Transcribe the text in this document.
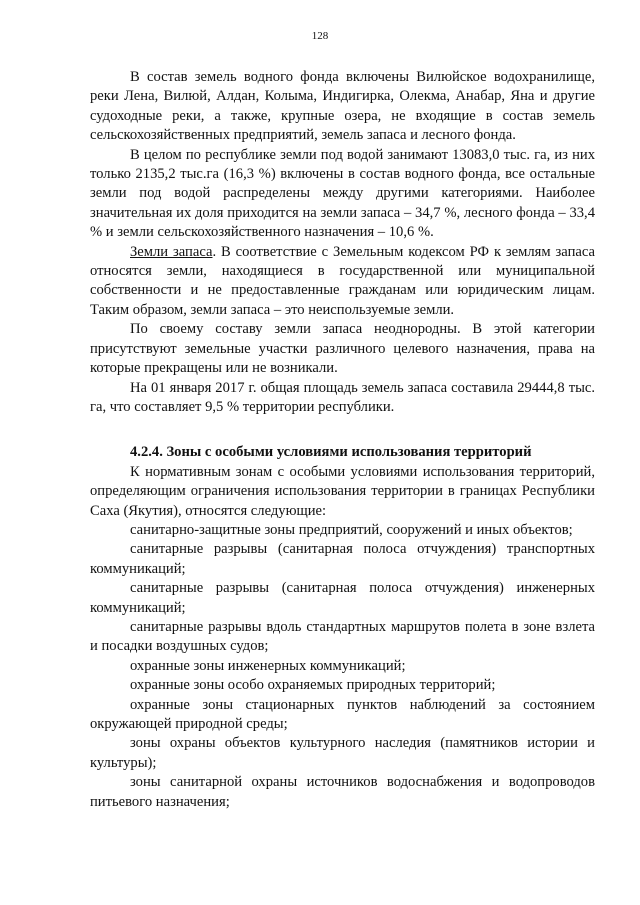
128

В состав земель водного фонда включены Вилюйское водохранилище, реки Лена, Вилюй, Алдан, Колыма, Индигирка, Олекма, Анабар, Яна и другие судоходные реки, а также, крупные озера, не входящие в состав земель сельскохозяйственных предприятий, земель запаса и лесного фонда.

В целом по республике земли под водой занимают 13083,0 тыс. га, из них только 2135,2 тыс.га (16,3 %) включены в состав водного фонда, все остальные земли под водой распределены между другими категориями. Наиболее значительная их доля приходится на земли запаса – 34,7 %, лесного фонда – 33,4 % и земли сельскохозяйственного назначения – 10,6 %.

Земли запаса. В соответствие с Земельным кодексом РФ к землям запаса относятся земли, находящиеся в государственной или муниципальной собственности и не предоставленные гражданам или юридическим лицам. Таким образом, земли запаса – это неиспользуемые земли.

По своему составу земли запаса неоднородны. В этой категории присутствуют земельные участки различного целевого назначения, права на которые прекращены или не возникали.

На 01 января 2017 г. общая площадь земель запаса составила 29444,8 тыс. га, что составляет 9,5 % территории республики.

4.2.4. Зоны с особыми условиями использования территорий

К нормативным зонам с особыми условиями использования территорий, определяющим ограничения использования территории в границах Республики Саха (Якутия), относятся следующие:

санитарно-защитные зоны предприятий, сооружений и иных объектов;

санитарные разрывы (санитарная полоса отчуждения) транспортных коммуникаций;

санитарные разрывы (санитарная полоса отчуждения) инженерных коммуникаций;

санитарные разрывы вдоль стандартных маршрутов полета в зоне взлета и посадки воздушных судов;

охранные зоны инженерных коммуникаций;

охранные зоны особо охраняемых природных территорий;

охранные зоны стационарных пунктов наблюдений за состоянием окружающей природной среды;

зоны охраны объектов культурного наследия (памятников истории и культуры);

зоны санитарной охраны источников водоснабжения и водопроводов питьевого назначения;
